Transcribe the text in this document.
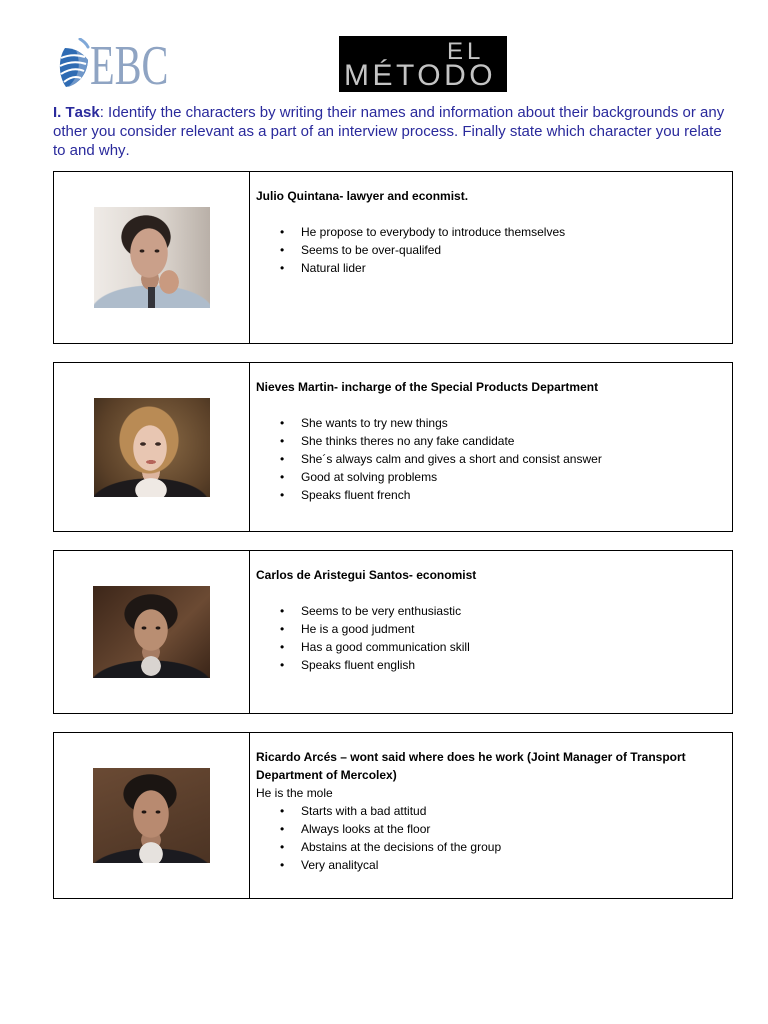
EBC	EL
MÉTODO

I. Task: Identify the characters by writing their names and information about their backgrounds or any other you consider relevant as a part of an interview process. Finally state which character you relate to and why.

Julio Quintana- lawyer and econmist.
• He propose to everybody to introduce themselves
• Seems to be over-qualifed
• Natural lider
Nieves Martin- incharge of the Special Products Department
• She wants to try new things
• She thinks theres no any fake candidate
• She´s always calm and gives a short and consist answer
• Good at solving problems
• Speaks fluent french
Carlos de Aristegui Santos- economist
• Seems to be very enthusiastic
• He is a good judment
• Has a good communication skill
• Speaks fluent english
Ricardo Arcés – wont said where does he work (Joint Manager of Transport Department of Mercolex)
He is the mole
• Starts with a bad attitud
• Always looks at the floor
• Abstains at the decisions of the group
• Very analitycal
